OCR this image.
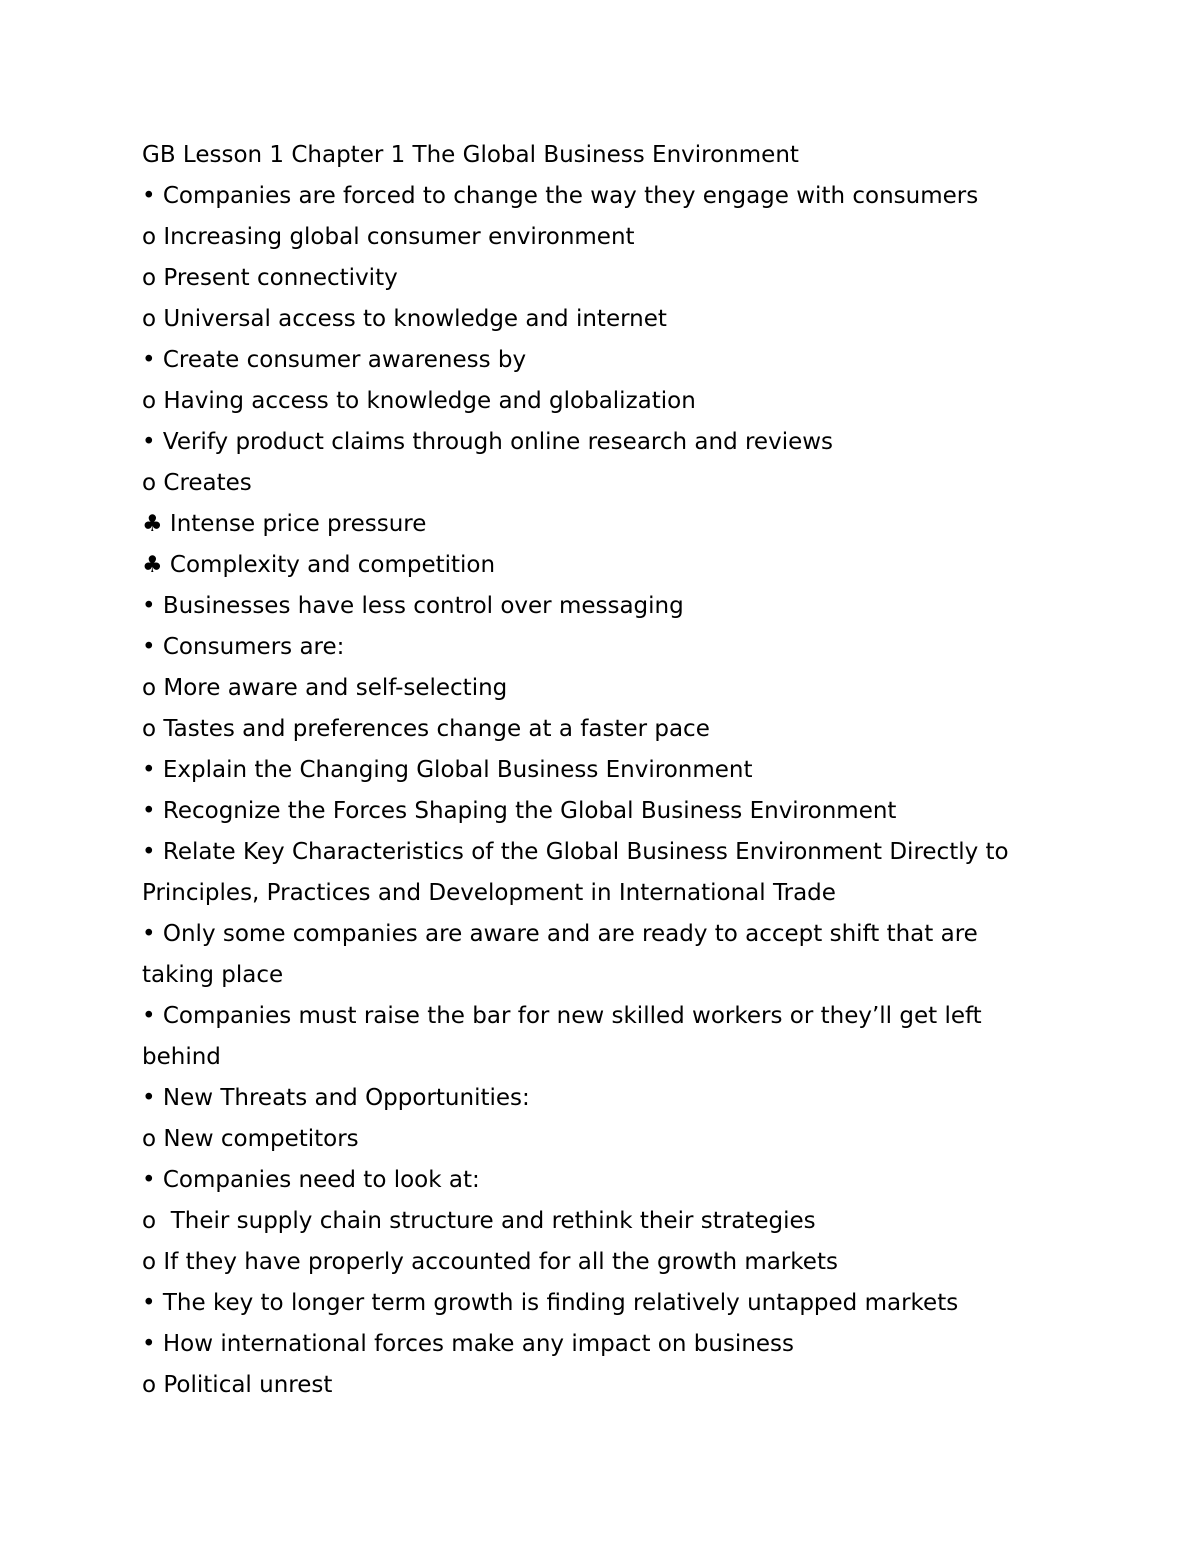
GB Lesson 1 Chapter 1 The Global Business Environment

• Companies are forced to change the way they engage with consumers

o Increasing global consumer environment

o Present connectivity

o Universal access to knowledge and internet

• Create consumer awareness by

o Having access to knowledge and globalization

• Verify product claims through online research and reviews

o Creates

♣ Intense price pressure

♣ Complexity and competition

• Businesses have less control over messaging

• Consumers are:

o More aware and self-selecting

o Tastes and preferences change at a faster pace

• Explain the Changing Global Business Environment

• Recognize the Forces Shaping the Global Business Environment

• Relate Key Characteristics of the Global Business Environment Directly to

Principles, Practices and Development in International Trade

• Only some companies are aware and are ready to accept shift that are

taking place

• Companies must raise the bar for new skilled workers or they’ll get left

behind

• New Threats and Opportunities:

o New competitors

• Companies need to look at:

o  Their supply chain structure and rethink their strategies

o If they have properly accounted for all the growth markets

• The key to longer term growth is finding relatively untapped markets

• How international forces make any impact on business

o Political unrest
